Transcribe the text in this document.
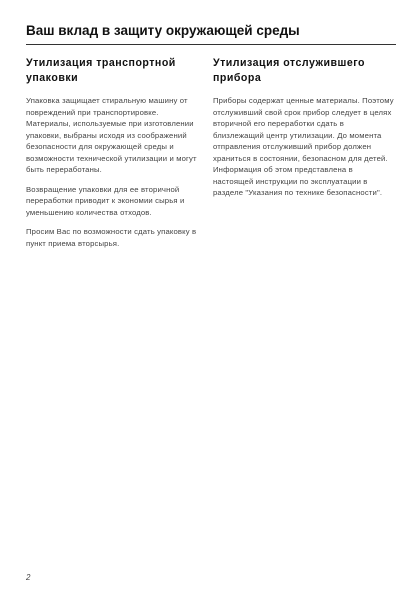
Ваш вклад в защиту окружающей среды
Утилизация транспортной упаковки

Упаковка защищает стиральную машину от повреждений при транспортировке. Материалы, используемые при изготовлении упаковки, выбраны исходя из соображений безопасности для окружающей среды и возможности технической утилизации и могут быть переработаны.

Возвращение упаковки для ее вторичной переработки приводит к экономии сырья и уменьшению количества отходов.

Просим Вас по возможности сдать упаковку в пункт приема вторсырья.

Утилизация отслужившего прибора

Приборы содержат ценные материалы. Поэтому отслуживший свой срок прибор следует в целях вторичной его переработки сдать в близлежащий центр утилизации. До момента отправления отслуживший прибор должен храниться в состоянии, безопасном для детей. Информация об этом представлена в настоящей инструкции по эксплуатации в разделе "Указания по технике безопасности".

2
